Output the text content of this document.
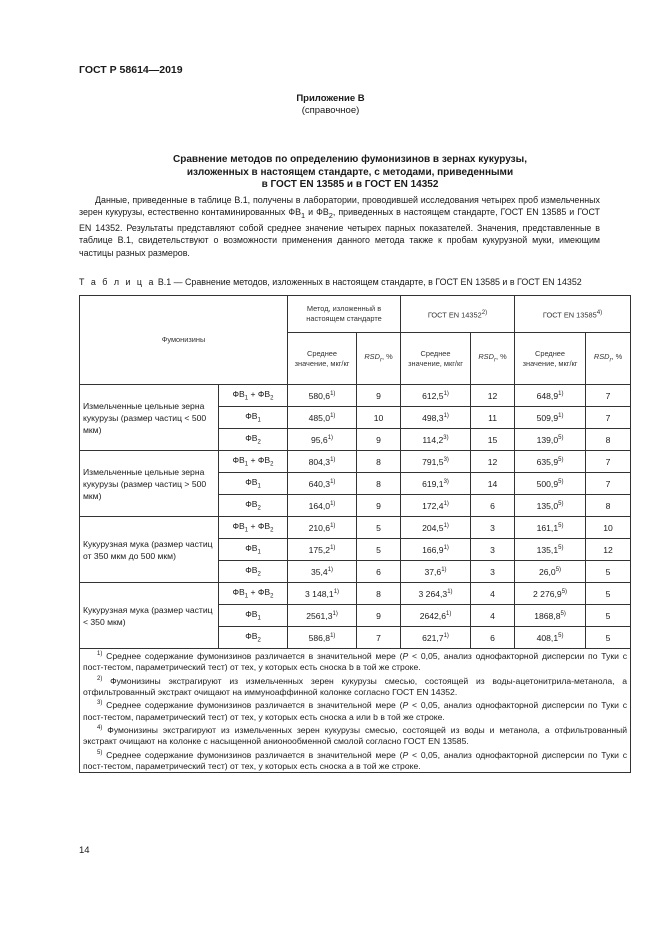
ГОСТ Р 58614—2019
Приложение В
(справочное)
Сравнение методов по определению фумонизинов в зернах кукурузы,
изложенных в настоящем стандарте, с методами, приведенными
в ГОСТ EN 13585 и в ГОСТ EN 14352

Данные, приведенные в таблице В.1, получены в лаборатории, проводившей исследования четырех проб измельченных зерен кукурузы, естественно контаминированных $ФВ_1$ и $ФВ_2$, приведенных в настоящем стандарте, ГОСТ EN 13585 и ГОСТ EN 14352. Результаты представляют собой среднее значение четырех парных показателей. Значения, представленные в таблице В.1, свидетельствуют о возможности применения данного метода также к пробам кукурузной муки, имеющим частицы разных размеров.

Т а б л и ц а В.1 — Сравнение методов, изложенных в настоящем стандарте, в ГОСТ EN 13585 и в ГОСТ EN 14352
Фумонизины		Метод, изложенный в настоящем стандарте		ГОСТ EN 14352$^{2)}$		ГОСТ EN 13585$^{4)}$
		Среднее значение, мкг/кг	$RSD_r$, %	Среднее значение, мкг/кг	$RSD_r$, %	Среднее значение, мкг/кг	$RSD_r$, %
Измельченные цельные зерна кукурузы (размер частиц < 500 мкм)	$ФВ_1 + ФВ_2$	580,6$^{1)}$	9	612,5$^{1)}$	12	648,9$^{1)}$	7
	$ФВ_1$	485,0$^{1)}$	10	498,3$^{1)}$	11	509,9$^{1)}$	7
	$ФВ_2$	95,6$^{1)}$	9	114,2$^{3)}$	15	139,0$^{5)}$	8
Измельченные цельные зерна кукурузы (размер частиц > 500 мкм)	$ФВ_1 + ФВ_2$	804,3$^{1)}$	8	791,5$^{3)}$	12	635,9$^{5)}$	7
	$ФВ_1$	640,3$^{1)}$	8	619,1$^{3)}$	14	500,9$^{5)}$	7
	$ФВ_2$	164,0$^{1)}$	9	172,4$^{1)}$	6	135,0$^{5)}$	8
Кукурузная мука (размер частиц от 350 мкм до 500 мкм)	$ФВ_1 + ФВ_2$	210,6$^{1)}$	5	204,5$^{1)}$	3	161,1$^{5)}$	10
	$ФВ_1$	175,2$^{1)}$	5	166,9$^{1)}$	3	135,1$^{5)}$	12
	$ФВ_2$	35,4$^{1)}$	6	37,6$^{1)}$	3	26,0$^{5)}$	5
Кукурузная мука (размер частиц < 350 мкм)	$ФВ_1 + ФВ_2$	3 148,1$^{1)}$	8	3 264,3$^{1)}$	4	2 276,9$^{5)}$	5
	$ФВ_1$	2561,3$^{1)}$	9	2642,6$^{1)}$	4	1868,8$^{5)}$	5
	$ФВ_2$	586,8$^{1)}$	7	621,7$^{1)}$	6	408,1$^{5)}$	5

$^{1)}$ Среднее содержание фумонизинов различается в значительной мере (Р < 0,05, анализ однофакторной дисперсии по Туки с пост-тестом, параметрический тест) от тех, у которых есть сноска b в той же строке.

$^{2)}$ Фумонизины экстрагируют из измельченных зерен кукурузы смесью, состоящей из воды-ацетонитрила-метанола, а отфильтрованный экстракт очищают на иммуноаффинной колонке согласно ГОСТ EN 14352.

$^{3)}$ Среднее содержание фумонизинов различается в значительной мере (Р < 0,05, анализ однофакторной дисперсии по Туки с пост-тестом, параметрический тест) от тех, у которых есть сноска а или b в той же строке.

$^{4)}$ Фумонизины экстрагируют из измельченных зерен кукурузы смесью, состоящей из воды и метанола, а отфильтрованный экстракт очищают на колонке с насыщенной анионообменной смолой согласно ГОСТ EN 13585.

$^{5)}$ Среднее содержание фумонизинов различается в значительной мере (Р < 0,05, анализ однофакторной дисперсии по Туки с пост-тестом, параметрический тест) от тех, у которых есть сноска а в той же строке.							

14
